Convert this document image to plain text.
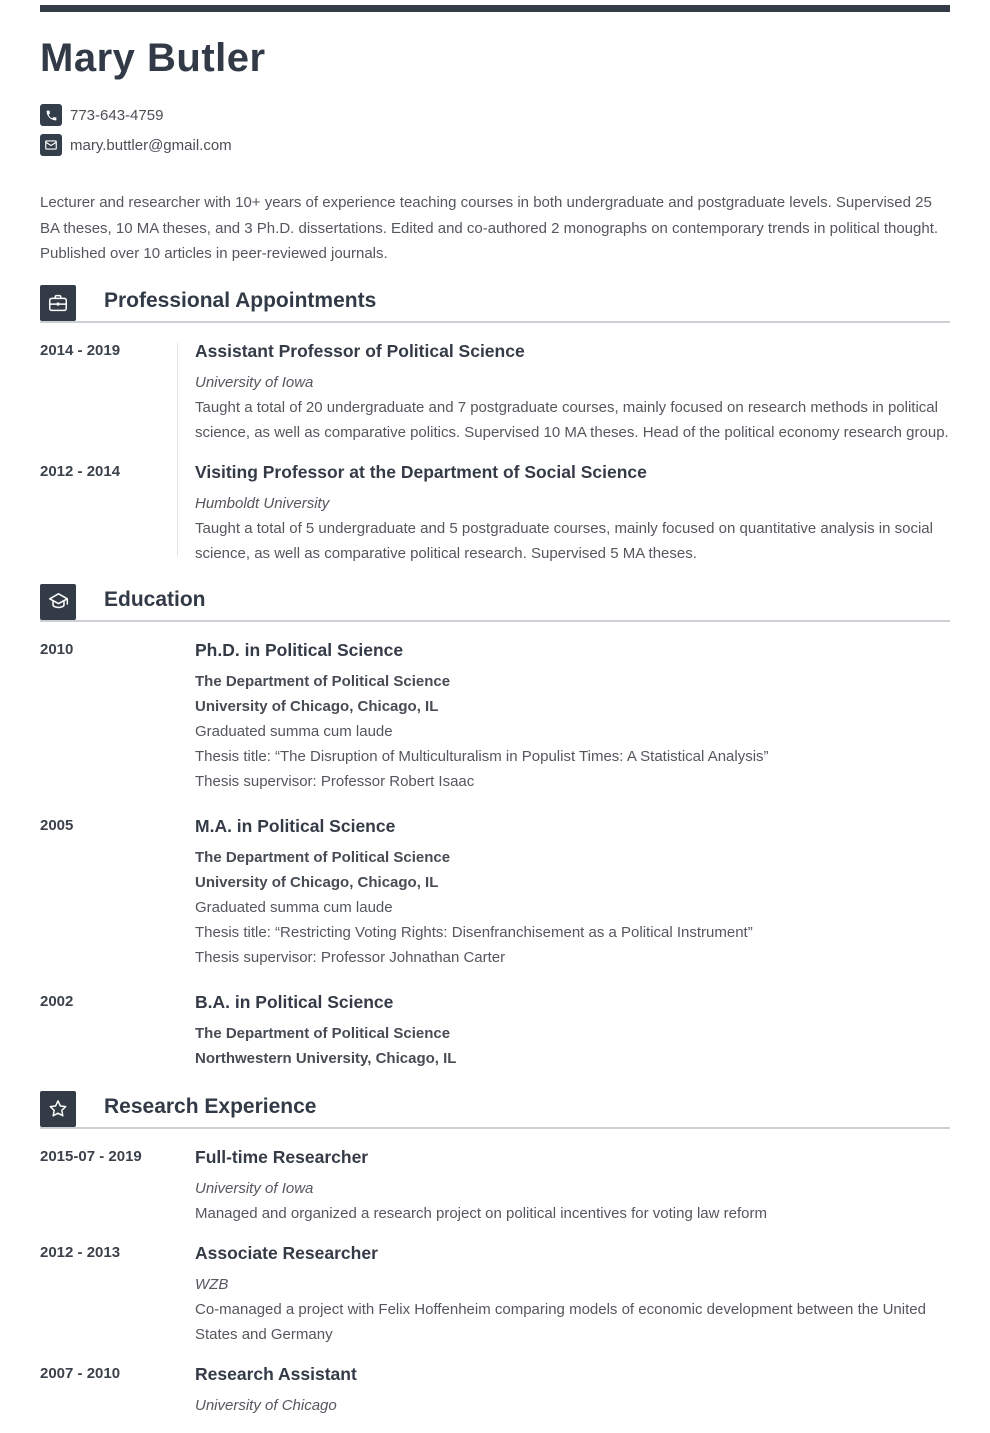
Mary Butler
773-643-4759
mary.buttler@gmail.com

Lecturer and researcher with 10+ years of experience teaching courses in both undergraduate and postgraduate levels. Supervised 25 BA theses, 10 MA theses, and 3 Ph.D. dissertations. Edited and co-authored 2 monographs on contemporary trends in political thought. Published over 10 articles in peer-reviewed journals.

Professional Appointments
2014 - 2019	Assistant Professor of Political Science
University of Iowa

Taught a total of 20 undergraduate and 7 postgraduate courses, mainly focused on research methods in political science, as well as comparative politics. Supervised 10 MA theses. Head of the political economy research group.

2012 - 2014	Visiting Professor at the Department of Social Science
Humboldt University

Taught a total of 5 undergraduate and 5 postgraduate courses, mainly focused on quantitative analysis in social science, as well as comparative political research. Supervised 5 MA theses.

Education
2010	Ph.D. in Political Science
The Department of Political Science
University of Chicago, Chicago, IL
Graduated summa cum laude
Thesis title: “The Disruption of Multiculturalism in Populist Times: A Statistical Analysis”
Thesis supervisor: Professor Robert Isaac
2005	M.A. in Political Science
The Department of Political Science
University of Chicago, Chicago, IL
Graduated summa cum laude
Thesis title: “Restricting Voting Rights: Disenfranchisement as a Political Instrument”
Thesis supervisor: Professor Johnathan Carter
2002	B.A. in Political Science
The Department of Political Science
Northwestern University, Chicago, IL
Research Experience
2015-07 - 2019	Full-time Researcher
University of Iowa

Managed and organized a research project on political incentives for voting law reform

2012 - 2013	Associate Researcher
WZB

Co-managed a project with Felix Hoffenheim comparing models of economic development between the United States and Germany

2007 - 2010	Research Assistant
University of Chicago
